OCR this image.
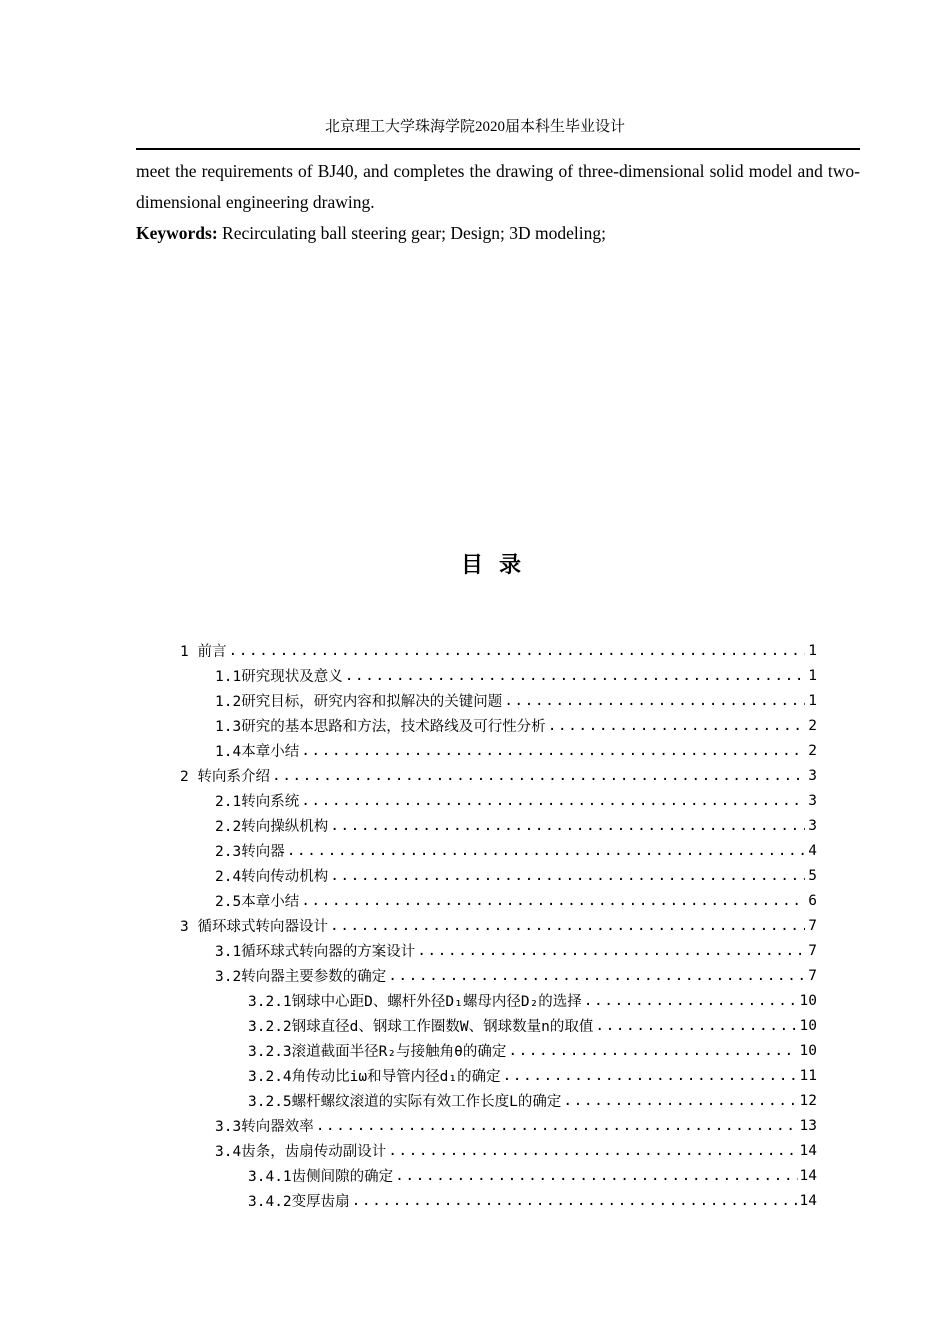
北京理工大学珠海学院2020届本科生毕业设计

meet the requirements of BJ40, and completes the drawing of three-dimensional solid model and two-dimensional engineering drawing.

Keywords: Recirculating ball steering gear; Design; 3D modeling;

目录
1 前言 .....	1
1.1研究现状及意义 .....	1
1.2研究目标，研究内容和拟解决的关键问题 .....	1
1.3研究的基本思路和方法，技术路线及可行性分析 .....	2
1.4本章小结 .....	2
2 转向系介绍 .....	3
2.1转向系统 .....	3
2.2转向操纵机构 .....	3
2.3转向器 .....	4
2.4转向传动机构 .....	5
2.5本章小结 .....	6
3 循环球式转向器设计 .....	7
3.1循环球式转向器的方案设计 .....	7
3.2转向器主要参数的确定 .....	7
3.2.1钢球中心距D、螺杆外径D₁螺母内径D₂的选择 .....	10
3.2.2钢球直径d、钢球工作圈数W、钢球数量n的取值 .....	10
3.2.3滚道截面半径R₂与接触角θ的确定 .....	10
3.2.4角传动比iω和导管内径d₁的确定 .....	11
3.2.5螺杆螺纹滚道的实际有效工作长度L的确定 .....	12
3.3转向器效率 .....	13
3.4齿条，齿扇传动副设计 .....	14
3.4.1齿侧间隙的确定 .....	14
3.4.2变厚齿扇 .....	14
